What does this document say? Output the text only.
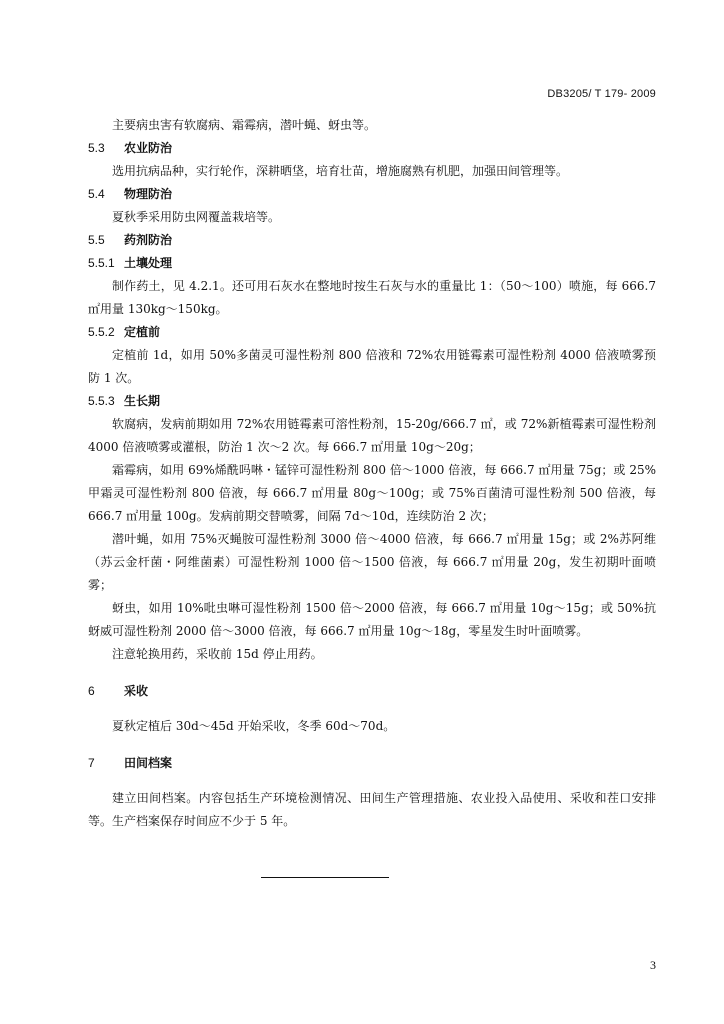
DB3205/ T 179- 2009

主要病虫害有软腐病、霜霉病，潜叶蝇、蚜虫等。

5.3 农业防治

选用抗病品种，实行轮作，深耕晒垡，培育壮苗，增施腐熟有机肥，加强田间管理等。

5.4 物理防治

夏秋季采用防虫网覆盖栽培等。

5.5 药剂防治
5.5.1 土壤处理

制作药土，见 4.2.1。还可用石灰水在整地时按生石灰与水的重量比 1：（50～100）喷施，每 666.7 ㎡用量 130kg～150kg。

5.5.2 定植前

定植前 1d，如用 50%多菌灵可湿性粉剂 800 倍液和 72%农用链霉素可湿性粉剂 4000 倍液喷雾预防 1 次。

5.5.3 生长期

软腐病，发病前期如用 72%农用链霉素可溶性粉剂，15-20g/666.7 ㎡，或 72%新植霉素可湿性粉剂 4000 倍液喷雾或灌根，防治 1 次～2 次。每 666.7 ㎡用量 10g～20g；

霜霉病，如用 69%烯酰吗啉・锰锌可湿性粉剂 800 倍～1000 倍液，每 666.7 ㎡用量 75g；或 25%甲霜灵可湿性粉剂 800 倍液，每 666.7 ㎡用量 80g～100g；或 75%百菌清可湿性粉剂 500 倍液，每 666.7 ㎡用量 100g。发病前期交替喷雾，间隔 7d～10d，连续防治 2 次；

潜叶蝇，如用 75%灭蝇胺可湿性粉剂 3000 倍～4000 倍液，每 666.7 ㎡用量 15g；或 2%苏阿维（苏云金杆菌・阿维菌素）可湿性粉剂 1000 倍～1500 倍液，每 666.7 ㎡用量 20g，发生初期叶面喷雾；

蚜虫，如用 10%吡虫啉可湿性粉剂 1500 倍～2000 倍液，每 666.7 ㎡用量 10g～15g；或 50%抗蚜威可湿性粉剂 2000 倍～3000 倍液，每 666.7 ㎡用量 10g～18g，零星发生时叶面喷雾。

注意轮换用药，采收前 15d 停止用药。

6 采收

夏秋定植后 30d～45d 开始采收，冬季 60d～70d。

7 田间档案

建立田间档案。内容包括生产环境检测情况、田间生产管理措施、农业投入品使用、采收和茬口安排等。生产档案保存时间应不少于 5 年。

3
